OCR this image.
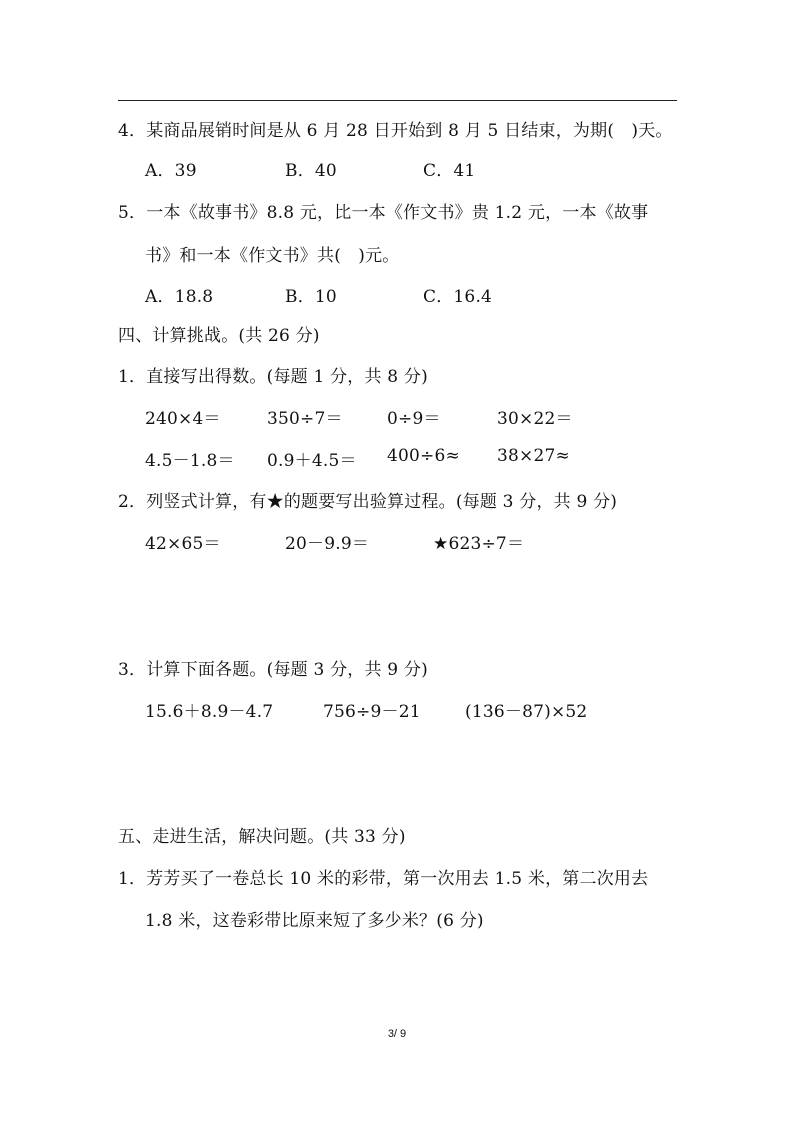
4．某商品展销时间是从 6 月 28 日开始到 8 月 5 日结束，为期(　)天。
A．39	B．40	C．41
5．一本《故事书》8.8 元，比一本《作文书》贵 1.2 元，一本《故事
书》和一本《作文书》共(　)元。
A．18.8	B．10	C．16.4
四、计算挑战。(共 26 分)
1．直接写出得数。(每题 1 分，共 8 分)
240×4＝	350÷7＝	0÷9＝	30×22＝
4.5－1.8＝ 0.9＋4.5＝ 400÷6≈ 38×27≈
2．列竖式计算，有★的题要写出验算过程。(每题 3 分，共 9 分)
42×65＝	20－9.9＝	★623÷7＝
3．计算下面各题。(每题 3 分，共 9 分)
15.6＋8.9－4.7	756÷9－21	(136－87)×52
五、走进生活，解决问题。(共 33 分)
1．芳芳买了一卷总长 10 米的彩带，第一次用去 1.5 米，第二次用去
1.8 米，这卷彩带比原来短了多少米？(6 分)
3/ 9
